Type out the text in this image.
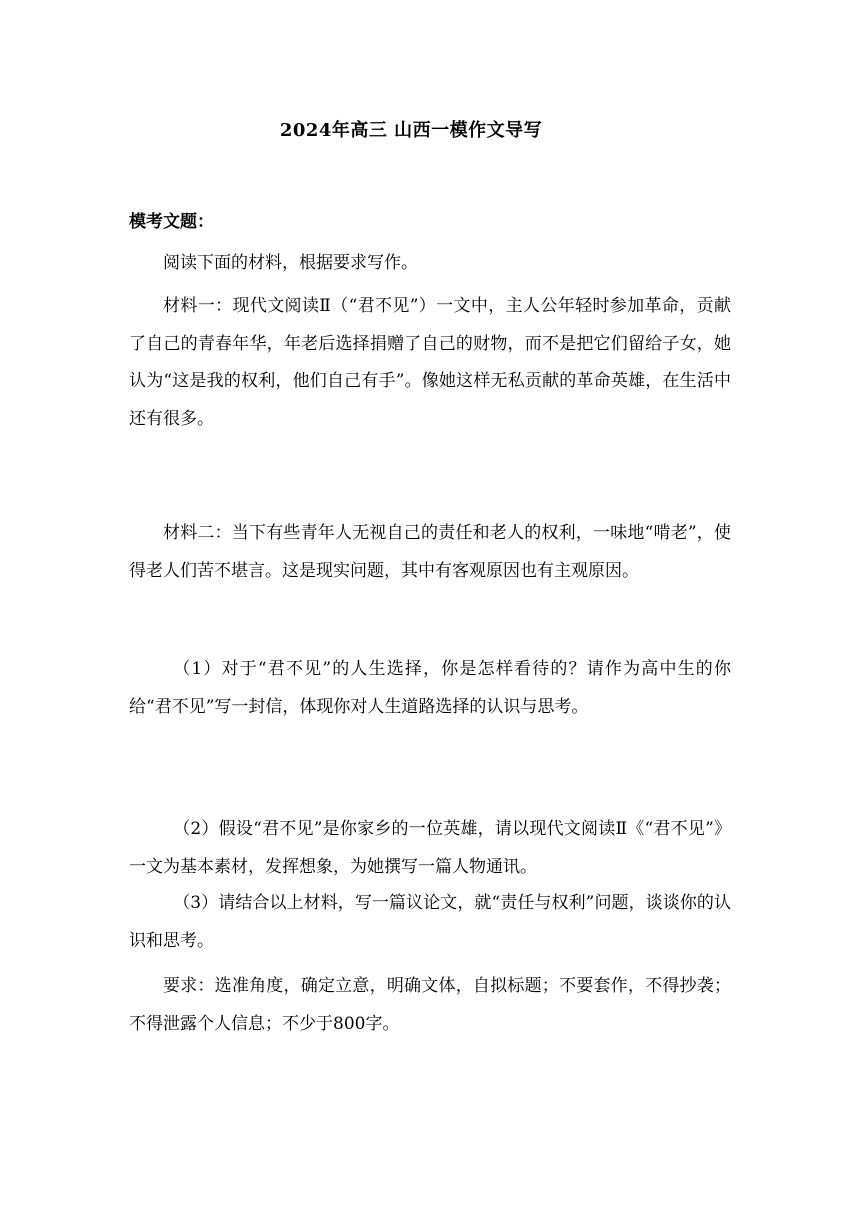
2024年高三 山西一模作文导写
模考文题：

阅读下面的材料，根据要求写作。

材料一：现代文阅读Ⅱ（“君不见”）一文中，主人公年轻时参加革命，贡献了自己的青春年华，年老后选择捐赠了自己的财物，而不是把它们留给子女，她认为“这是我的权利，他们自己有手”。像她这样无私贡献的革命英雄，在生活中还有很多。

材料二：当下有些青年人无视自己的责任和老人的权利，一味地“啃老”，使得老人们苦不堪言。这是现实问题，其中有客观原因也有主观原因。

（1）对于“君不见”的人生选择，你是怎样看待的？请作为高中生的你给“君不见”写一封信，体现你对人生道路选择的认识与思考。

（2）假设“君不见”是你家乡的一位英雄，请以现代文阅读Ⅱ《“君不见”》一文为基本素材，发挥想象，为她撰写一篇人物通讯。

（3）请结合以上材料，写一篇议论文，就“责任与权利”问题，谈谈你的认识和思考。

要求：选准角度，确定立意，明确文体，自拟标题；不要套作，不得抄袭；不得泄露个人信息；不少于800字。
